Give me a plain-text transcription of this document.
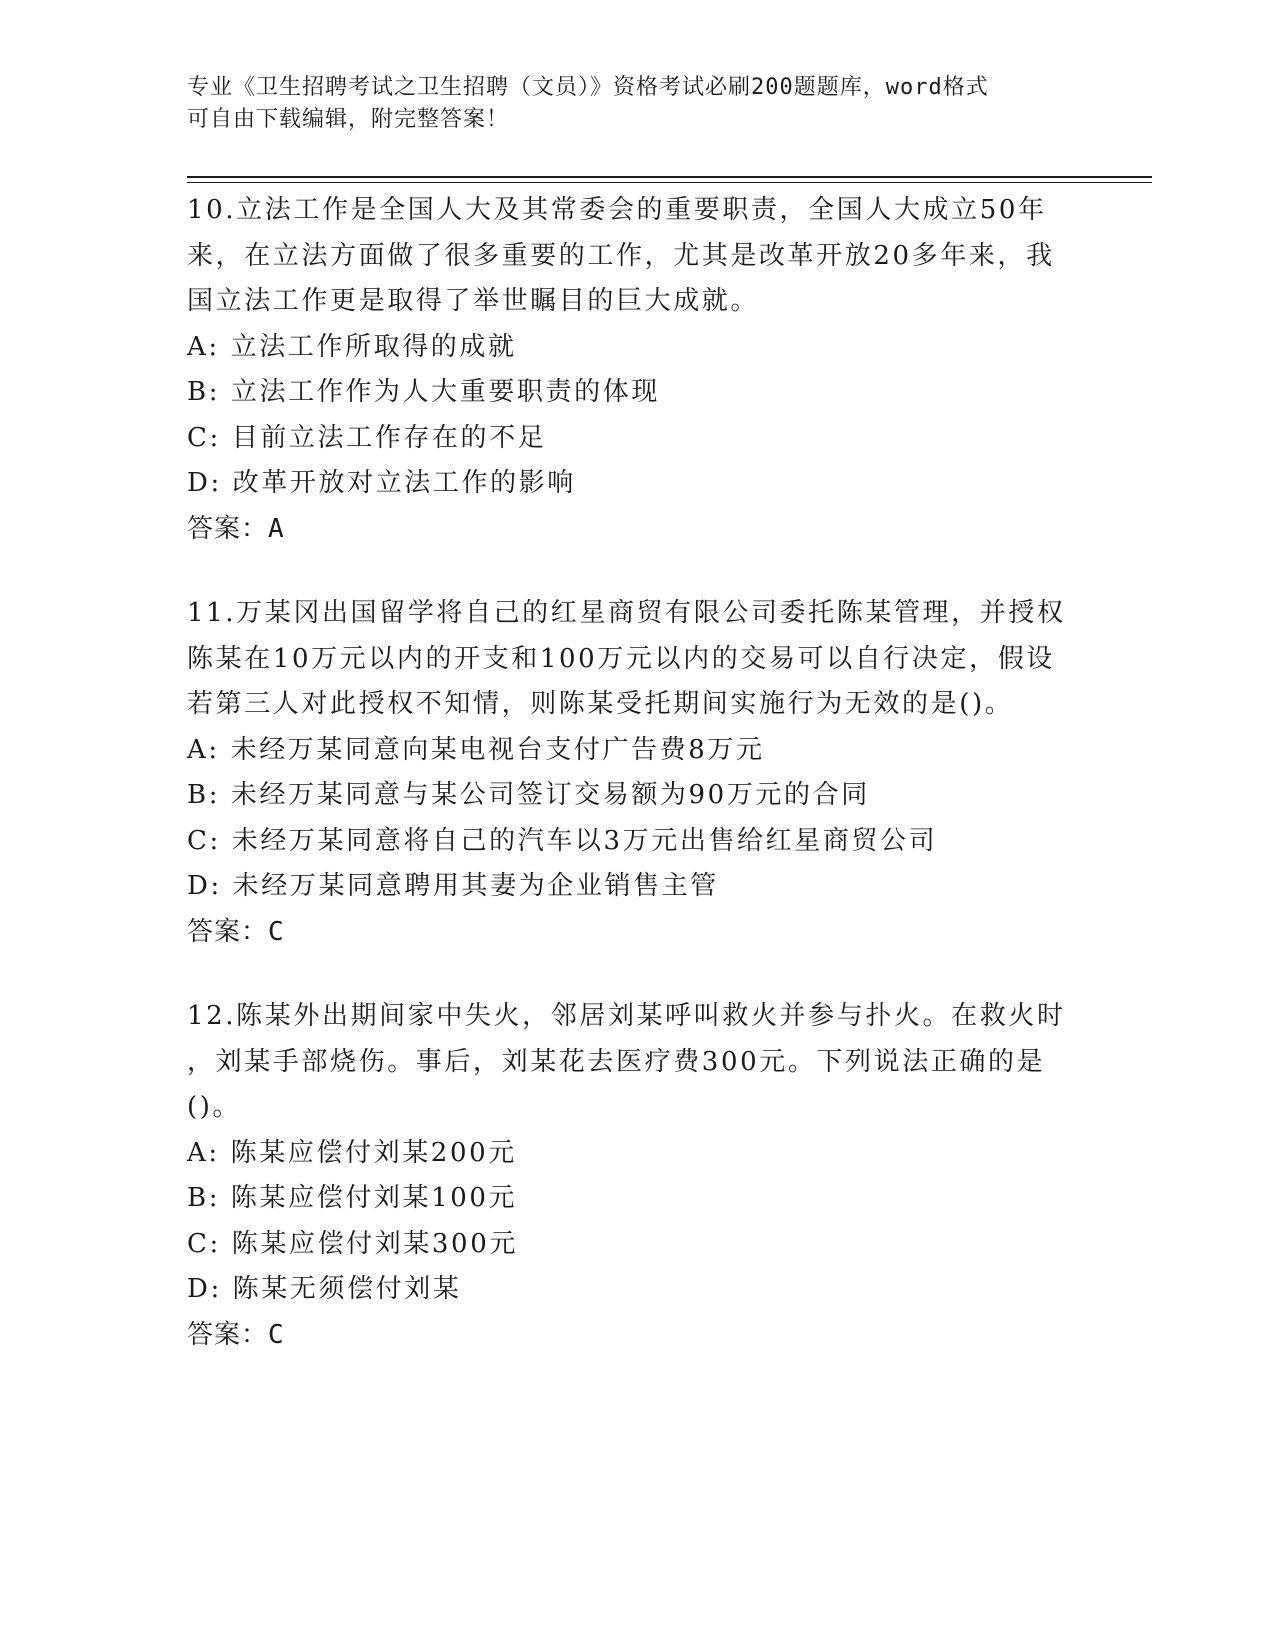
专业《卫生招聘考试之卫生招聘（文员）》资格考试必刷200题题库，word格式
可自由下载编辑，附完整答案！
10.立法工作是全国人大及其常委会的重要职责，全国人大成立50年
来，在立法方面做了很多重要的工作，尤其是改革开放20多年来，我
国立法工作更是取得了举世瞩目的巨大成就。
A: 立法工作所取得的成就
B: 立法工作作为人大重要职责的体现
C: 目前立法工作存在的不足
D: 改革开放对立法工作的影响
答案：A
11.万某冈出国留学将自己的红星商贸有限公司委托陈某管理，并授权
陈某在10万元以内的开支和100万元以内的交易可以自行决定，假设
若第三人对此授权不知情，则陈某受托期间实施行为无效的是()。
A: 未经万某同意向某电视台支付广告费8万元
B: 未经万某同意与某公司签订交易额为90万元的合同
C: 未经万某同意将自己的汽车以3万元出售给红星商贸公司
D: 未经万某同意聘用其妻为企业销售主管
答案：C
12.陈某外出期间家中失火，邻居刘某呼叫救火并参与扑火。在救火时
，刘某手部烧伤。事后，刘某花去医疗费300元。下列说法正确的是
()。
A: 陈某应偿付刘某200元
B: 陈某应偿付刘某100元
C: 陈某应偿付刘某300元
D: 陈某无须偿付刘某
答案：C
